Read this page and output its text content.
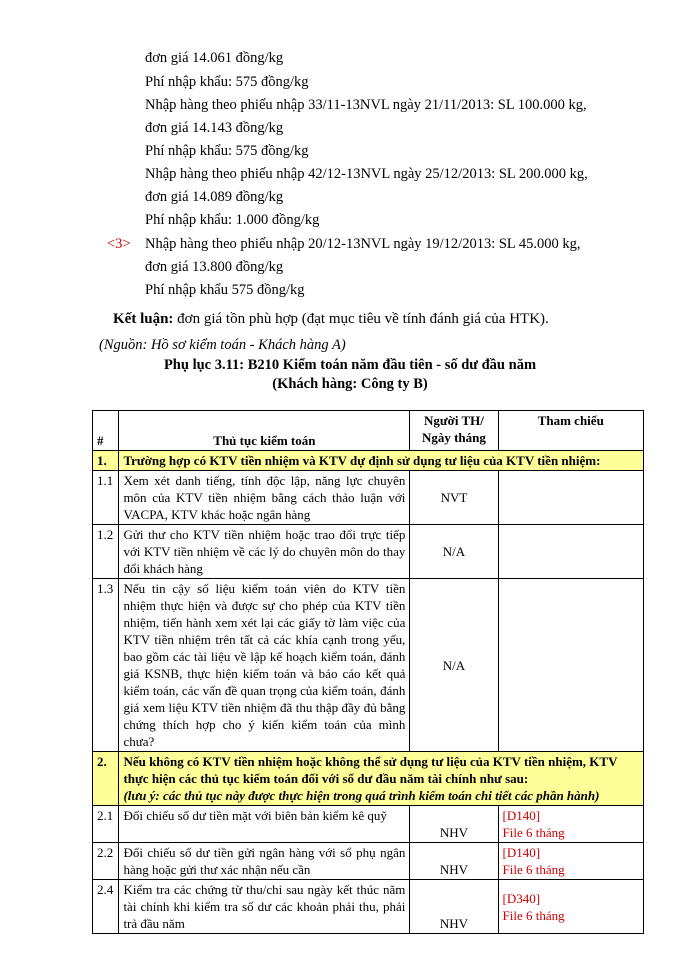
đơn giá 14.061 đồng/kg
Phí nhập khẩu: 575 đồng/kg
Nhập hàng theo phiếu nhập 33/11-13NVL ngày 21/11/2013: SL 100.000 kg,
đơn giá 14.143 đồng/kg
Phí nhập khẩu: 575 đồng/kg
Nhập hàng theo phiếu nhập 42/12-13NVL ngày 25/12/2013: SL 200.000 kg,
đơn giá 14.089 đồng/kg
Phí nhập khẩu: 1.000 đồng/kg
<3> Nhập hàng theo phiếu nhập 20/12-13NVL ngày 19/12/2013: SL 45.000 kg,
đơn giá 13.800 đồng/kg
Phí nhập khẩu 575 đồng/kg
Kết luận: đơn giá tồn phù hợp (đạt mục tiêu về tính đánh giá của HTK).
(Nguồn: Hồ sơ kiểm toán - Khách hàng A)
Phụ lục 3.11: B210 Kiểm toán năm đầu tiên - số dư đầu năm
(Khách hàng: Công ty B)
#	Thủ tục kiểm toán	Người TH/ Ngày tháng	Tham chiếu
1.	Trường hợp có KTV tiền nhiệm và KTV dự định sử dụng tư liệu của KTV tiền nhiệm:		
1.1	Xem xét danh tiếng, tính độc lập, năng lực chuyên môn của KTV tiền nhiệm bằng cách thảo luận với VACPA, KTV khác hoặc ngân hàng	NVT	
1.2	Gửi thư cho KTV tiền nhiệm hoặc trao đổi trực tiếp với KTV tiền nhiệm về các lý do chuyên môn do thay đổi khách hàng	N/A	
1.3	Nếu tin cậy số liệu kiểm toán viên do KTV tiền nhiệm thực hiện và được sự cho phép của KTV tiền nhiệm, tiến hành xem xét lại các giấy tờ làm việc của KTV tiền nhiệm trên tất cả các khía cạnh trong yếu, bao gồm các tài liệu về lập kế hoạch kiểm toán, đánh giá KSNB, thực hiện kiểm toán và báo cáo kết quả kiểm toán, các vấn đề quan trọng của kiểm toán, đánh giá xem liệu KTV tiền nhiệm đã thu thập đầy đủ bằng chứng thích hợp cho ý kiến kiểm toán của mình chưa?	N/A	
2.	Nếu không có KTV tiền nhiệm hoặc không thể sử dụng tư liệu của KTV tiền nhiệm, KTV thực hiện các thủ tục kiểm toán đối với số dư đầu năm tài chính như sau:
(lưu ý: các thủ tục này được thực hiện trong quá trình kiểm toán chi tiết các phần hành)		

2.1	Đối chiếu số dư tiền mặt với biên bản kiểm kê quỹ	NHV	[D140]
File 6 tháng

2.2	Đối chiếu số dư tiền gửi ngân hàng với sổ phụ ngân hàng hoặc gửi thư xác nhận nếu cần	NHV	[D140]
File 6 tháng

2.4	Kiểm tra các chứng từ thu/chi sau ngày kết thúc năm tài chính khi kiểm tra số dư các khoản phải thu, phải trả đầu năm	NHV	[D340]
File 6 tháng
